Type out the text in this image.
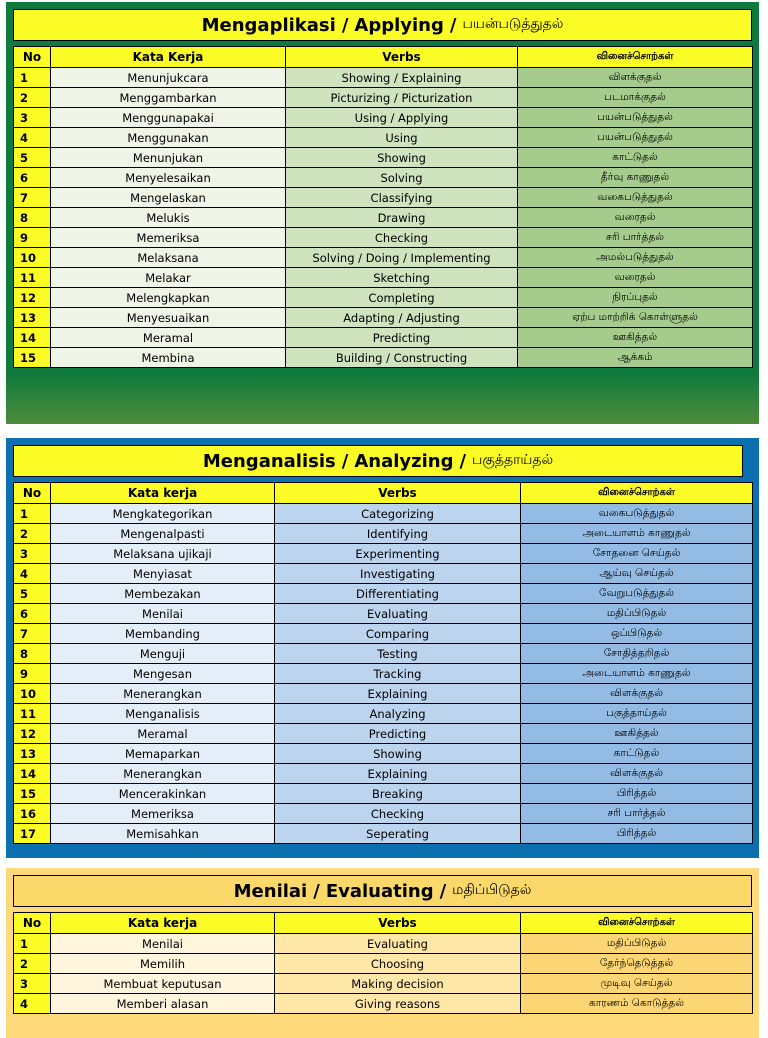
Mengaplikasi / Applying / பயன்படுத்துதல்
No	Kata Kerja	Verbs	வினைச்சொற்கள்
1	Menunjukcara	Showing / Explaining	விளக்குதல்
2	Menggambarkan	Picturizing / Picturization	படமாக்குதல்
3	Menggunapakai	Using / Applying	பயன்படுத்துதல்
4	Menggunakan	Using	பயன்படுத்துதல்
5	Menunjukan	Showing	காட்டுதல்
6	Menyelesaikan	Solving	தீர்வு காணுதல்
7	Mengelaskan	Classifying	வகைபடுத்துதல்
8	Melukis	Drawing	வரைதல்
9	Memeriksa	Checking	சரி பார்த்தல்
10	Melaksana	Solving / Doing / Implementing	அமல்படுத்துதல்
11	Melakar	Sketching	வரைதல்
12	Melengkapkan	Completing	நிரப்புதல்
13	Menyesuaikan	Adapting / Adjusting	ஏற்ப மாற்றிக் கொள்ளுதல்
14	Meramal	Predicting	ஊகித்தல்
15	Membina	Building / Constructing	ஆக்கம்
Menganalisis / Analyzing / பகுத்தாய்தல்
No	Kata kerja	Verbs	வினைச்சொற்கள்
1	Mengkategorikan	Categorizing	வகைபடுத்துதல்
2	Mengenalpasti	Identifying	அடையாளம் காணுதல்
3	Melaksana ujikaji	Experimenting	சோதனை செய்தல்
4	Menyiasat	Investigating	ஆய்வு செய்தல்
5	Membezakan	Differentiating	வேறுபடுத்துதல்
6	Menilai	Evaluating	மதிப்பிடுதல்
7	Membanding	Comparing	ஒப்பிடுதல்
8	Menguji	Testing	சோதித்தறிதல்
9	Mengesan	Tracking	அடையாளம் காணுதல்
10	Menerangkan	Explaining	விளக்குதல்
11	Menganalisis	Analyzing	பகுத்தாய்தல்
12	Meramal	Predicting	ஊகித்தல்
13	Memaparkan	Showing	காட்டுதல்
14	Menerangkan	Explaining	விளக்குதல்
15	Mencerakinkan	Breaking	பிரித்தல்
16	Memeriksa	Checking	சரி பார்த்தல்
17	Memisahkan	Seperating	பிரித்தல்
Menilai / Evaluating / மதிப்பிடுதல்
No	Kata kerja	Verbs	வினைச்சொற்கள்
1	Menilai	Evaluating	மதிப்பிடுதல்
2	Memilih	Choosing	தேர்ந்தெடுத்தல்
3	Membuat keputusan	Making decision	முடிவு செய்தல்
4	Memberi alasan	Giving reasons	காரணம் கொடுத்தல்
